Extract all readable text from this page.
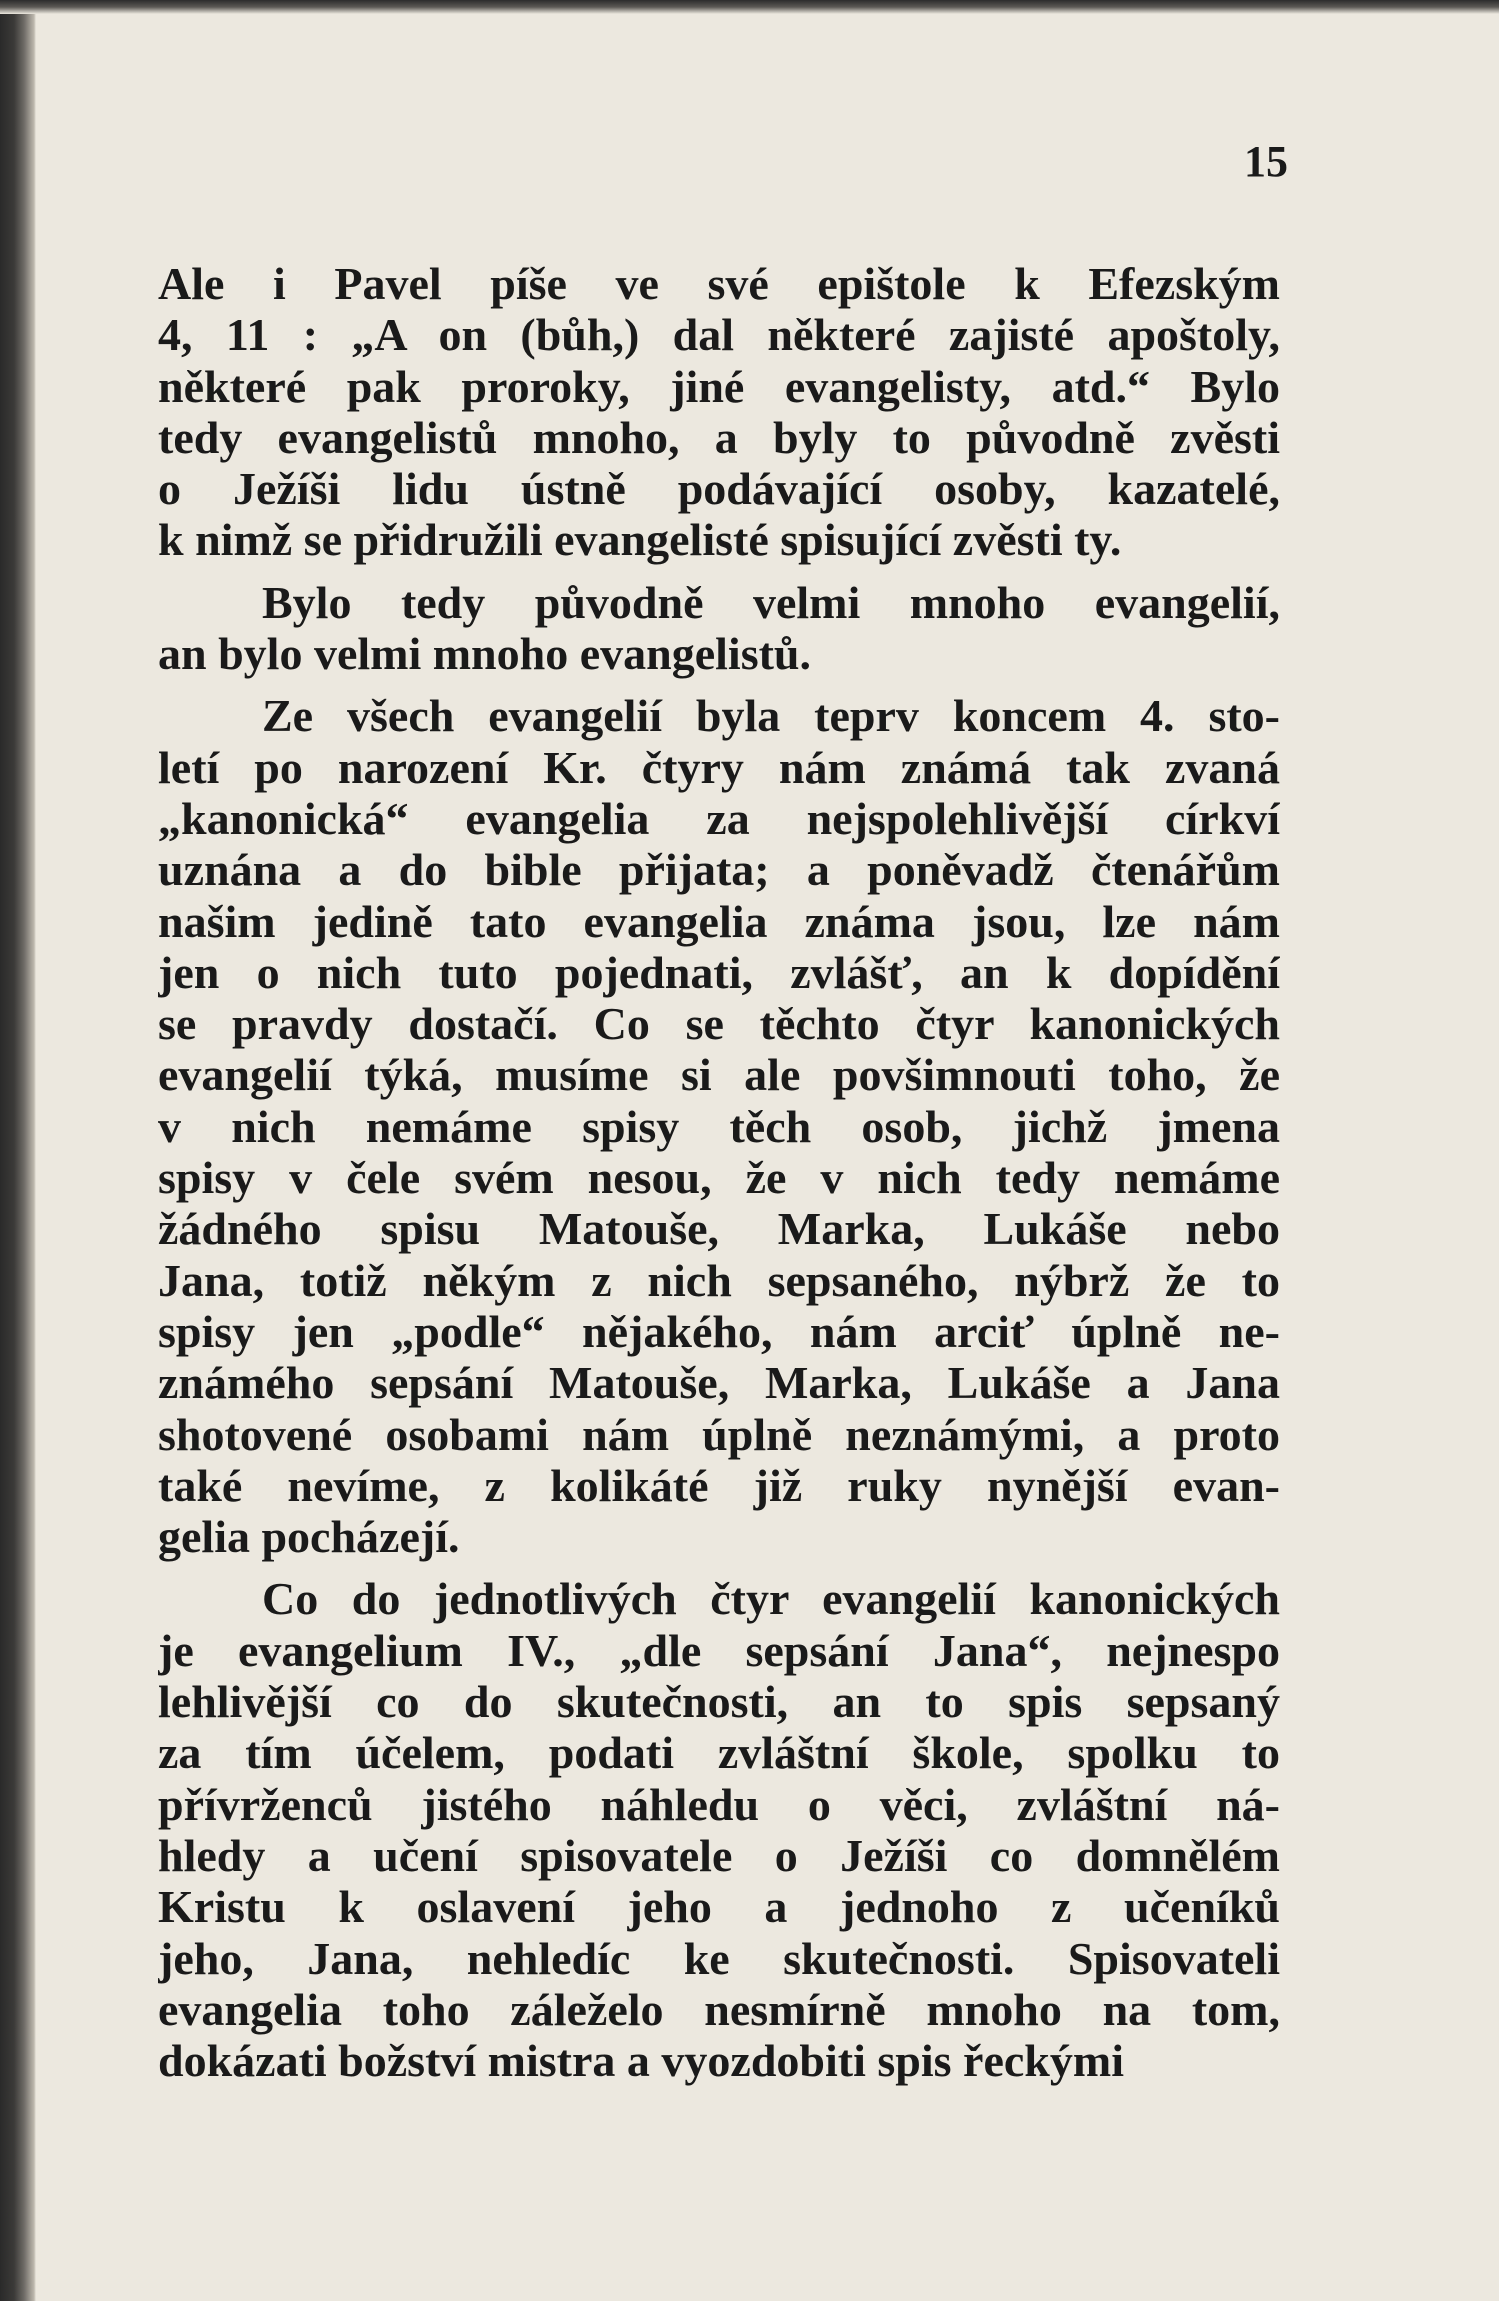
15
Ale i Pavel píše ve své epištole k Efezským
4, 11 : „A on (bůh,) dal některé zajisté apoštoly,
některé pak proroky, jiné evangelisty, atd.“ Bylo
tedy evangelistů mnoho, a byly to původně zvěsti
o Ježíši lidu ústně podávající osoby, kazatelé,
k nimž se přidružili evangelisté spisující zvěsti ty.
Bylo tedy původně velmi mnoho evangelií,
an bylo velmi mnoho evangelistů.
Ze všech evangelií byla teprv koncem 4. sto-
letí po narození Kr. čtyry nám známá tak zvaná
„kanonická“ evangelia za nejspolehlivější církví
uznána a do bible přijata; a poněvadž čtenářům
našim jedině tato evangelia známa jsou, lze nám
jen o nich tuto pojednati, zvlášť, an k dopídění
se pravdy dostačí. Co se těchto čtyr kanonických
evangelií týká, musíme si ale povšimnouti toho, že
v nich nemáme spisy těch osob, jichž jmena
spisy v čele svém nesou, že v nich tedy nemáme
žádného spisu Matouše, Marka, Lukáše nebo
Jana, totiž někým z nich sepsaného, nýbrž že to
spisy jen „podle“ nějakého, nám arciť úplně ne-
známého sepsání Matouše, Marka, Lukáše a Jana
shotovené osobami nám úplně neznámými, a proto
také nevíme, z kolikáté již ruky nynější evan-
gelia pocházejí.
Co do jednotlivých čtyr evangelií kanonických
je evangelium IV., „dle sepsání Jana“, nejnespo
lehlivější co do skutečnosti, an to spis sepsaný
za tím účelem, podati zvláštní škole, spolku to
přívrženců jistého náhledu o věci, zvláštní ná-
hledy a učení spisovatele o Ježíši co domnělém
Kristu k oslavení jeho a jednoho z učeníků
jeho, Jana, nehledíc ke skutečnosti. Spisovateli
evangelia toho záleželo nesmírně mnoho na tom,
dokázati božství mistra a vyozdobiti spis řeckými
